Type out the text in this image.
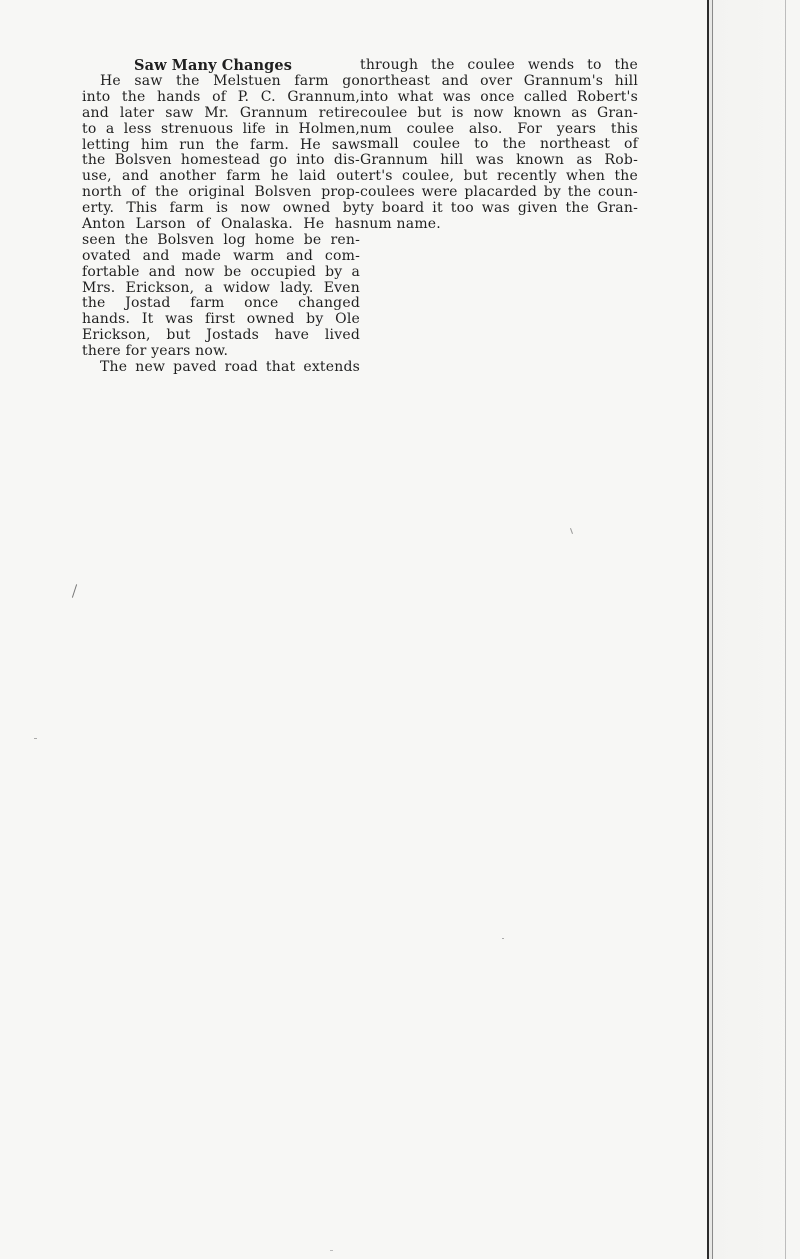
Saw Many Changes
He saw the Melstuen farm go
into the hands of P. C. Grannum,
and later saw Mr. Grannum retire
to a less strenuous life in Holmen,
letting him run the farm. He saw
the Bolsven homestead go into dis-
use, and another farm he laid out
north of the original Bolsven prop-
erty. This farm is now owned by
Anton Larson of Onalaska. He has
seen the Bolsven log home be ren-
ovated and made warm and com-
fortable and now be occupied by a
Mrs. Erickson, a widow lady. Even
the Jostad farm once changed
hands. It was first owned by Ole
Erickson, but Jostads have lived
there for years now.
The new paved road that extends
through the coulee wends to the
northeast and over Grannum's hill
into what was once called Robert's
coulee but is now known as Gran-
num coulee also. For years this
small coulee to the northeast of
Grannum hill was known as Rob-
ert's coulee, but recently when the
coulees were placarded by the coun-
ty board it too was given the Gran-
num name.
